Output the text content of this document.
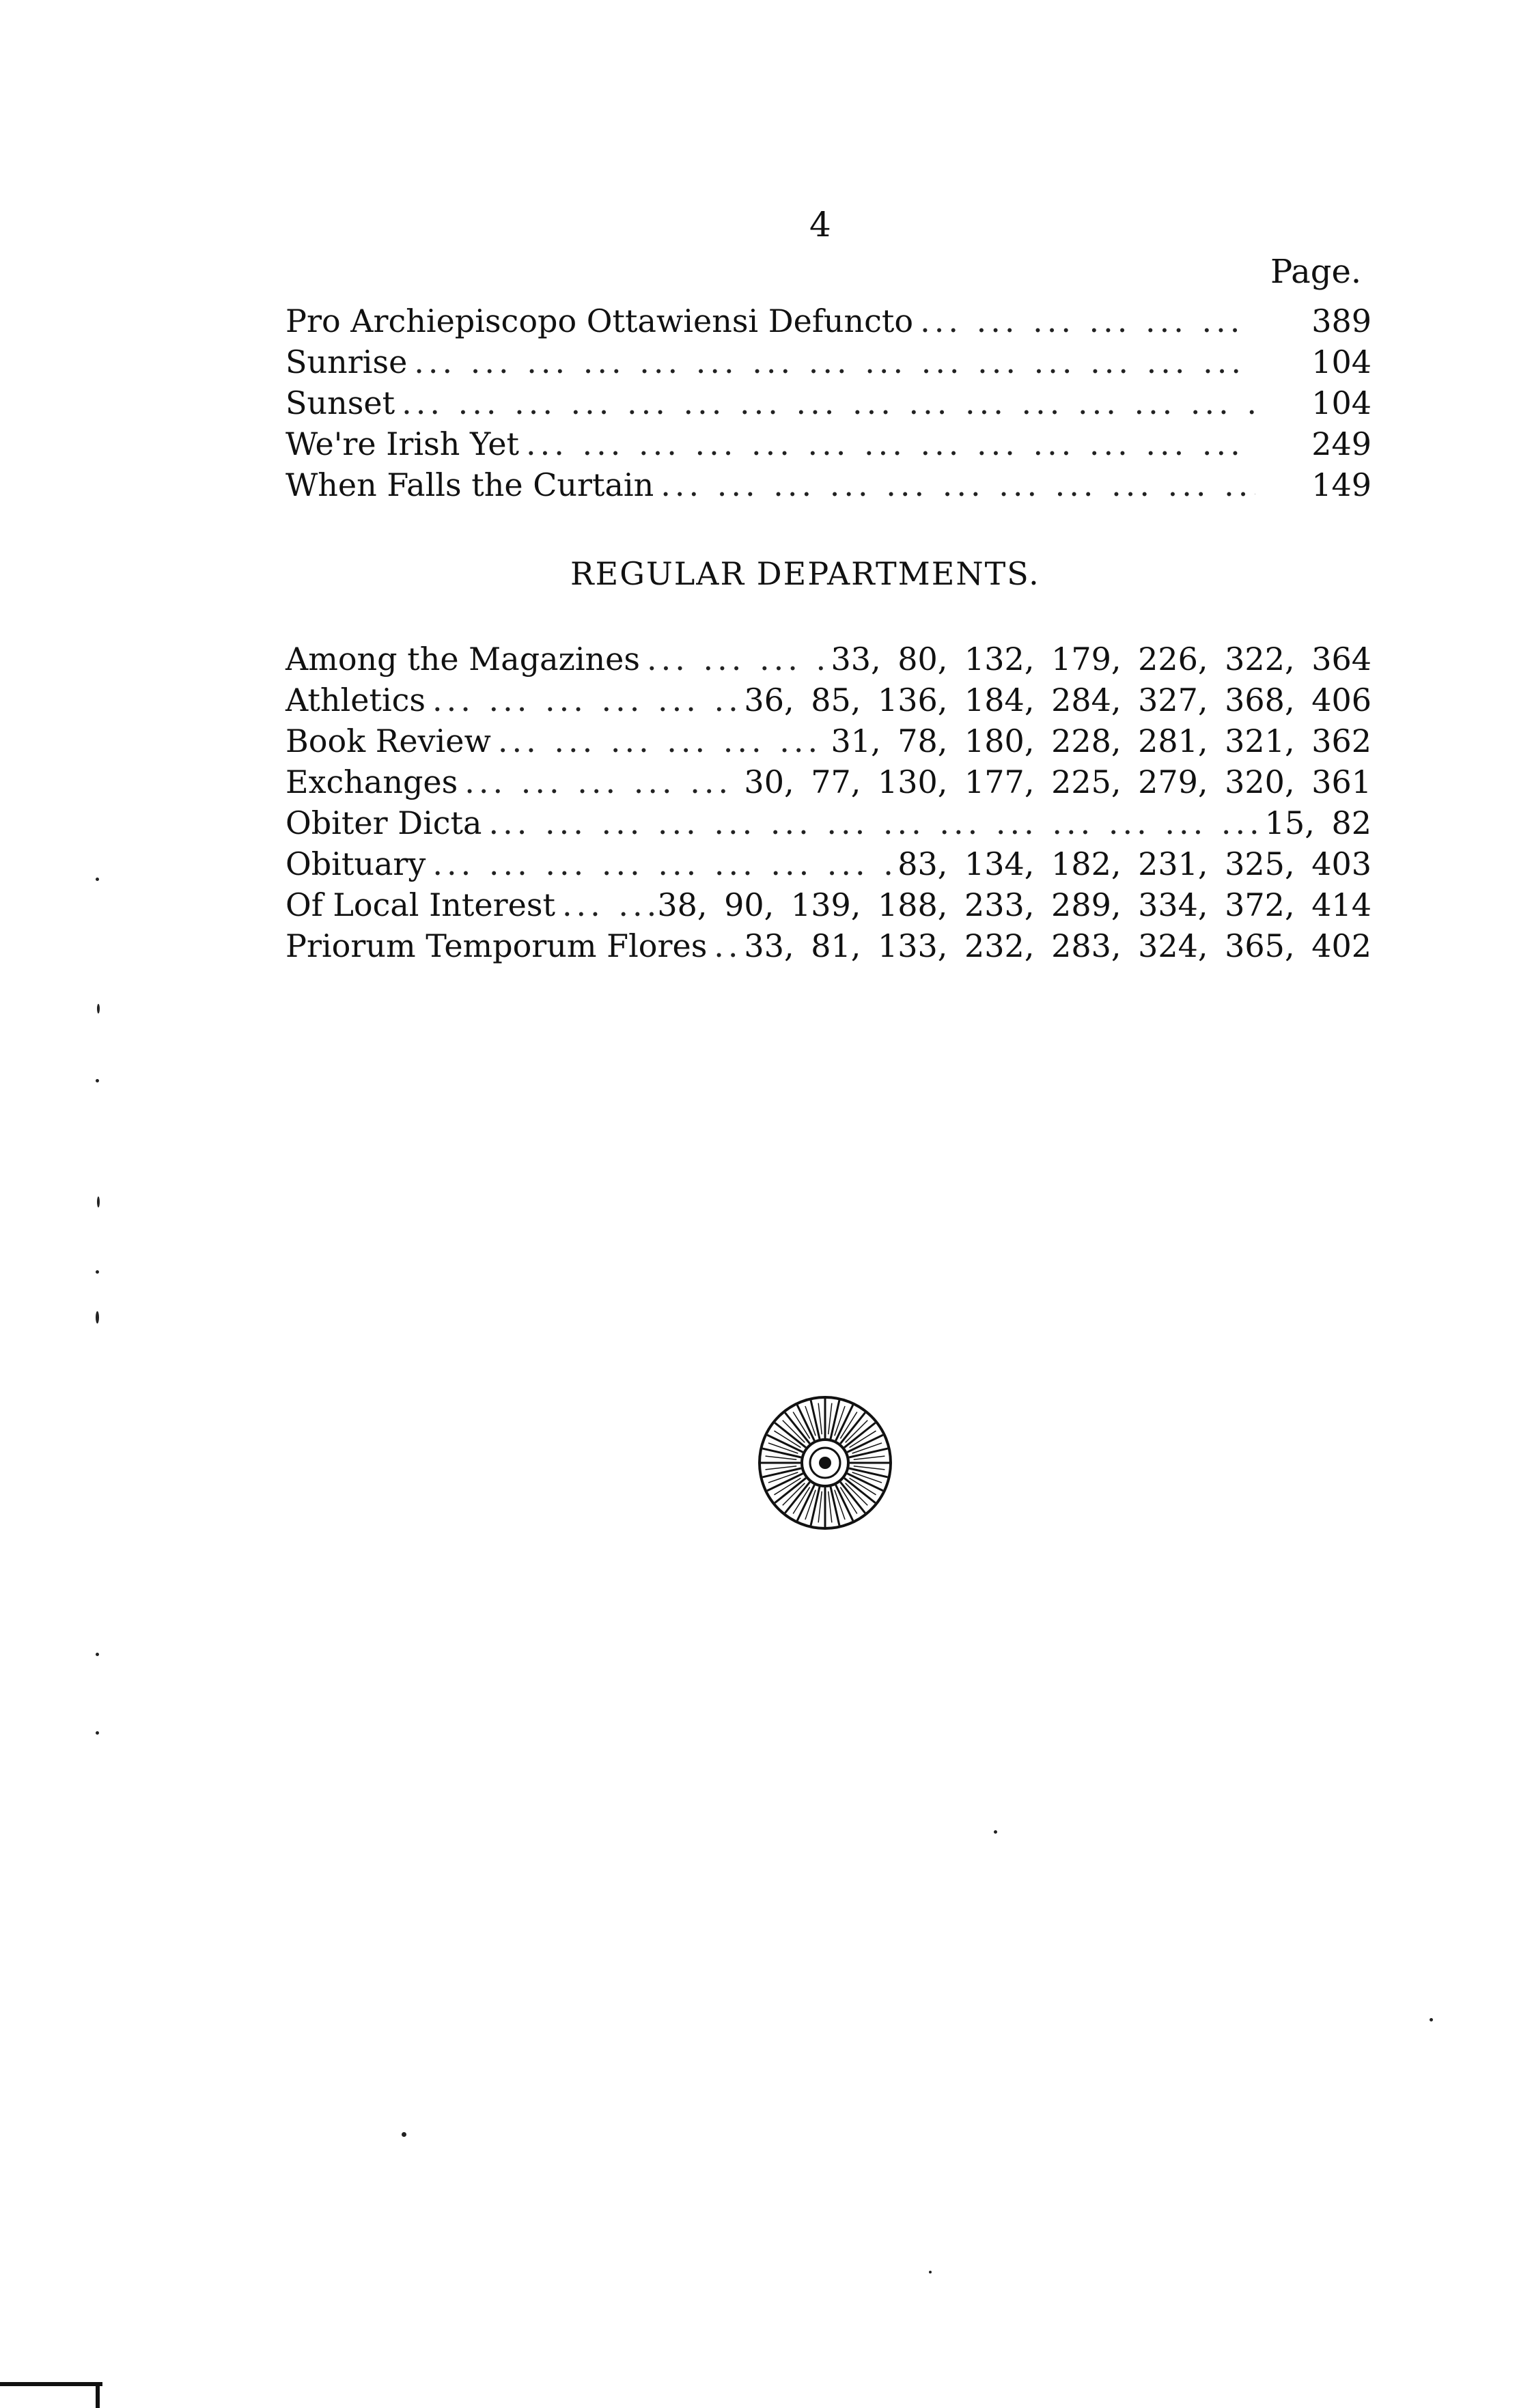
4
Page.
Pro Archiepiscopo Ottawiensi Defuncto ... .	389
Sunrise ... .	104
Sunset ... .	104
We're Irish Yet ... .	249
When Falls the Curtain ... .	149
REGULAR DEPARTMENTS.
Among the Magazines ... .	33, 80, 132, 179, 226, 322, 364
Athletics ... .	36, 85, 136, 184, 284, 327, 368, 406
Book Review ... .	31, 78, 180, 228, 281, 321, 362
Exchanges ... .	30, 77, 130, 177, 225, 279, 320, 361
Obiter Dicta ... .	15, 82
Obituary ... .	83, 134, 182, 231, 325, 403
Of Local Interest ... .	38, 90, 139, 188, 233, 289, 334, 372, 414
Priorum Temporum Flores ... . 33, 81, 133, 232, 283, 324, 365, 402
